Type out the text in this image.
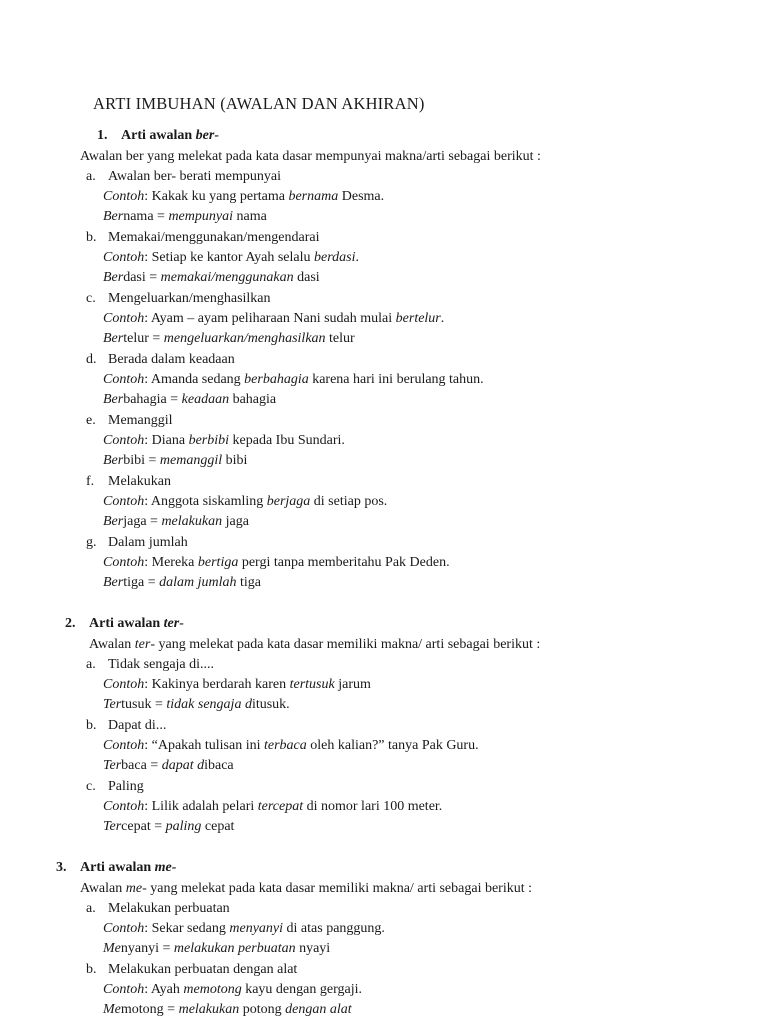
ARTI IMBUHAN (AWALAN DAN AKHIRAN)
1. Arti awalan ber-
Awalan ber yang melekat pada kata dasar mempunyai makna/arti sebagai berikut :
a. Awalan ber- berati mempunyai
Contoh: Kakak ku yang pertama bernama Desma.
Bernama = mempunyai nama
b. Memakai/menggunakan/mengendarai
Contoh: Setiap ke kantor Ayah selalu berdasi.
Berdasi = memakai/menggunakan dasi
c. Mengeluarkan/menghasilkan
Contoh: Ayam – ayam peliharaan Nani sudah mulai bertelur.
Bertelur = mengeluarkan/menghasilkan telur
d. Berada dalam keadaan
Contoh: Amanda sedang berbahagia karena hari ini berulang tahun.
Berbahagia = keadaan bahagia
e. Memanggil
Contoh: Diana berbibi kepada Ibu Sundari.
Berbibi = memanggil bibi
f. Melakukan
Contoh: Anggota siskamling berjaga di setiap pos.
Berjaga = melakukan jaga
g. Dalam jumlah
Contoh: Mereka bertiga pergi tanpa memberitahu Pak Deden.
Bertiga = dalam jumlah tiga
2. Arti awalan ter-
Awalan ter- yang melekat pada kata dasar memiliki makna/ arti sebagai berikut :
a. Tidak sengaja di....
Contoh: Kakinya berdarah karen tertusuk jarum
Tertusuk = tidak sengaja ditusuk.
b. Dapat di...
Contoh: “Apakah tulisan ini terbaca oleh kalian?” tanya Pak Guru.
Terbaca = dapat dibaca
c. Paling
Contoh: Lilik adalah pelari tercepat di nomor lari 100 meter.
Tercepat = paling cepat
3. Arti awalan me-
Awalan me- yang melekat pada kata dasar memiliki makna/ arti sebagai berikut :
a. Melakukan perbuatan
Contoh: Sekar sedang menyanyi di atas panggung.
Menyanyi = melakukan perbuatan nyayi
b. Melakukan perbuatan dengan alat
Contoh: Ayah memotong kayu dengan gergaji.
Memotong = melakukan potong dengan alat
